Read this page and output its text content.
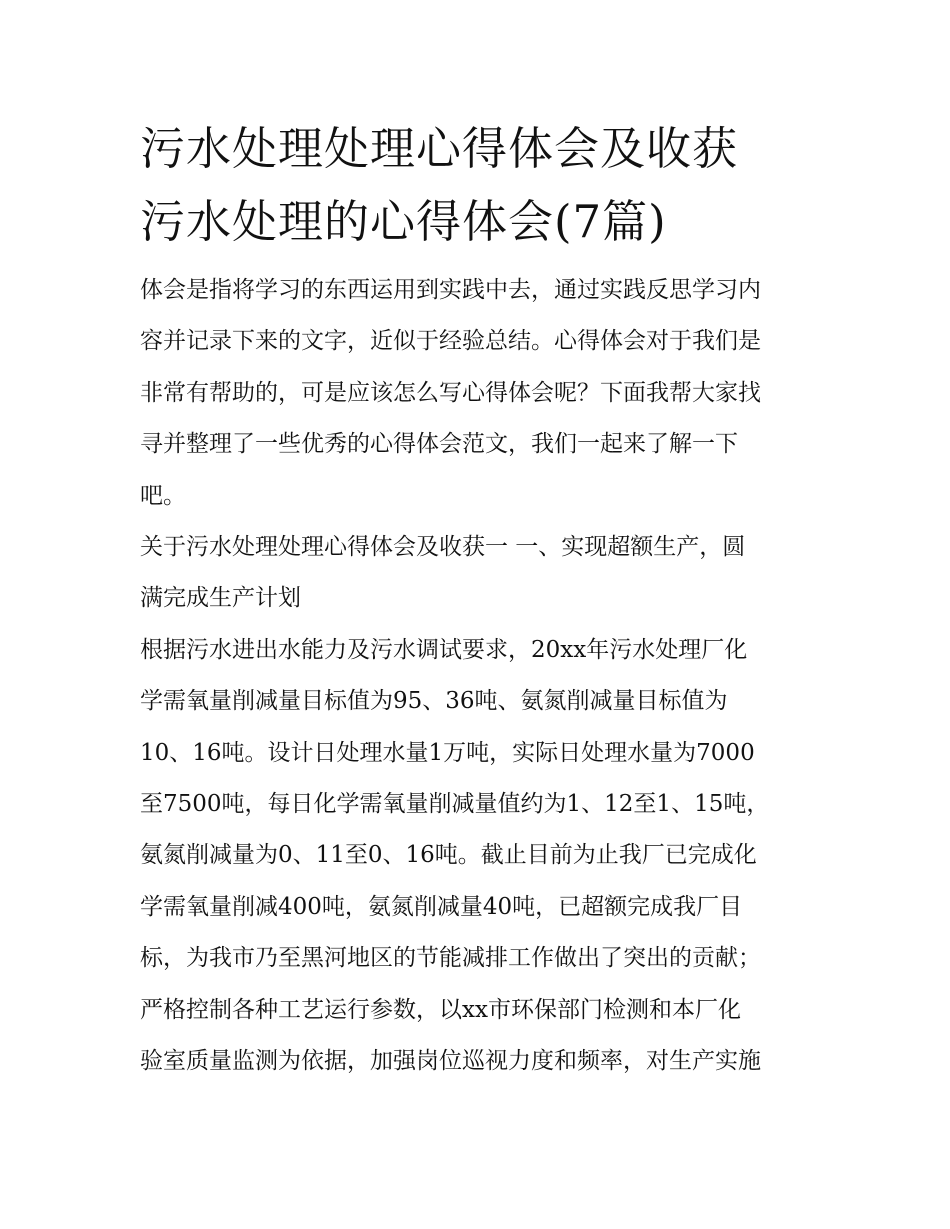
污水处理处理心得体会及收获
污水处理的心得体会(7篇)

体会是指将学习的东西运用到实践中去，通过实践反思学习内
容并记录下来的文字，近似于经验总结。心得体会对于我们是
非常有帮助的，可是应该怎么写心得体会呢？下面我帮大家找
寻并整理了一些优秀的心得体会范文，我们一起来了解一下
吧。

关于污水处理处理心得体会及收获一 一、实现超额生产，圆
满完成生产计划

根据污水进出水能力及污水调试要求，20xx年污水处理厂化
学需氧量削减量目标值为95、36吨、氨氮削减量目标值为
10、16吨。设计日处理水量1万吨，实际日处理水量为7000
至7500吨，每日化学需氧量削减量值约为1、12至1、15吨，
氨氮削减量为0、11至0、16吨。截止目前为止我厂已完成化
学需氧量削减400吨，氨氮削减量40吨，已超额完成我厂目
标，为我市乃至黑河地区的节能减排工作做出了突出的贡献；
严格控制各种工艺运行参数，以xx市环保部门检测和本厂化
验室质量监测为依据，加强岗位巡视力度和频率，对生产实施
